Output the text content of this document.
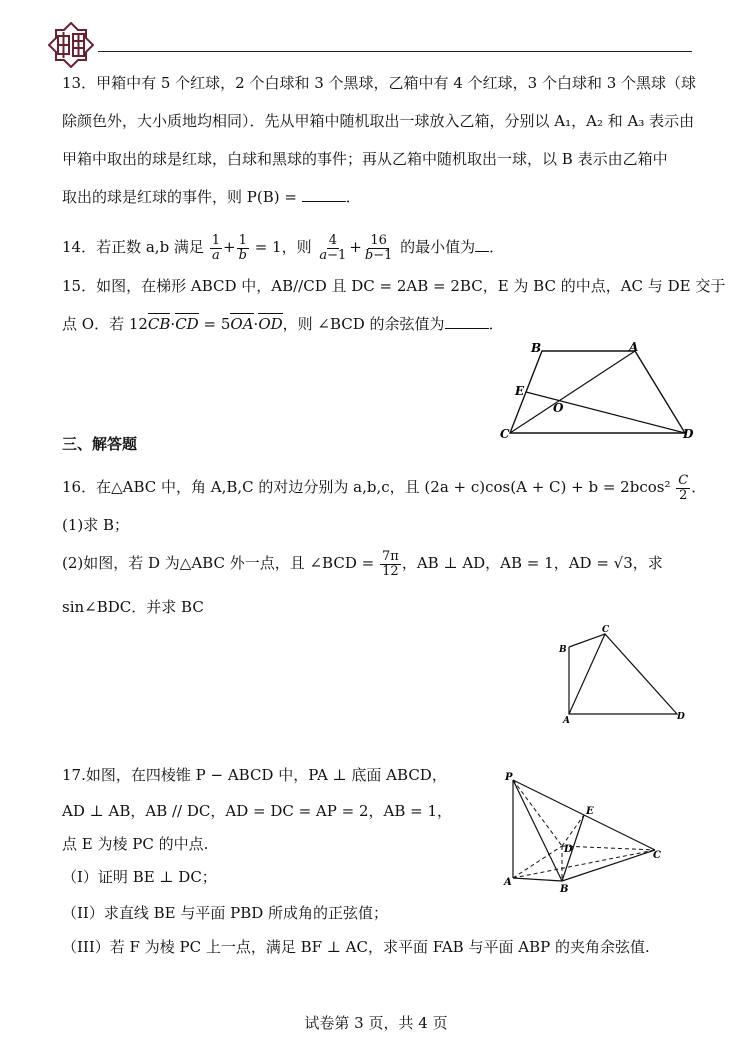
13．甲箱中有 5 个红球，2 个白球和 3 个黑球，乙箱中有 4 个红球，3 个白球和 3 个黑球（球
除颜色外，大小质地均相同）．先从甲箱中随机取出一球放入乙箱，分别以 A₁，A₂ 和 A₃ 表示由
甲箱中取出的球是红球，白球和黑球的事件；再从乙箱中随机取出一球，以 B 表示由乙箱中
取出的球是红球的事件，则 P(B) =	．
14．若正数 a,b 满足 $\frac{1}{a} + \frac{1}{b} = 1$，则 $\frac{4}{a-1} + \frac{16}{b-1}$ 的最小值为 ．
15．如图，在梯形 ABCD 中，AB//CD 且 DC = 2AB = 2BC，E 为 BC 的中点，AC 与 DE 交于
点 O．若 12CB·CD = 5OA·OD，则 ∠BCD 的余弦值为	．
B	A
E
O
C	D
三、解答题
16．在△ABC 中，角 A,B,C 的对边分别为 a,b,c，且 $(2a + c)\cos(A + C) + b = 2bcos^2 \frac{C}{2}$ ．
(1)求 B；
(2)如图，若 D 为△ABC 外一点，且 ∠BCD = $\frac{7\pi}{12}$ ，AB ⊥ AD，AB = 1，AD = √3，求
sin∠BDC．并求 BC
C
B
A	D
17.如图，在四棱锥 P − ABCD 中，PA ⊥ 底面 ABCD，
AD ⊥ AB，AB // DC，AD = DC = AP = 2，AB = 1，
点 E 为棱 PC 的中点.
（I）证明 BE ⊥ DC；
（II）求直线 BE 与平面 PBD 所成角的正弦值；
（III）若 F 为棱 PC 上一点，满足 BF ⊥ AC，求平面 FAB 与平面 ABP 的夹角余弦值.
P
E
D
A
B
C
试卷第 3 页，共 4 页
